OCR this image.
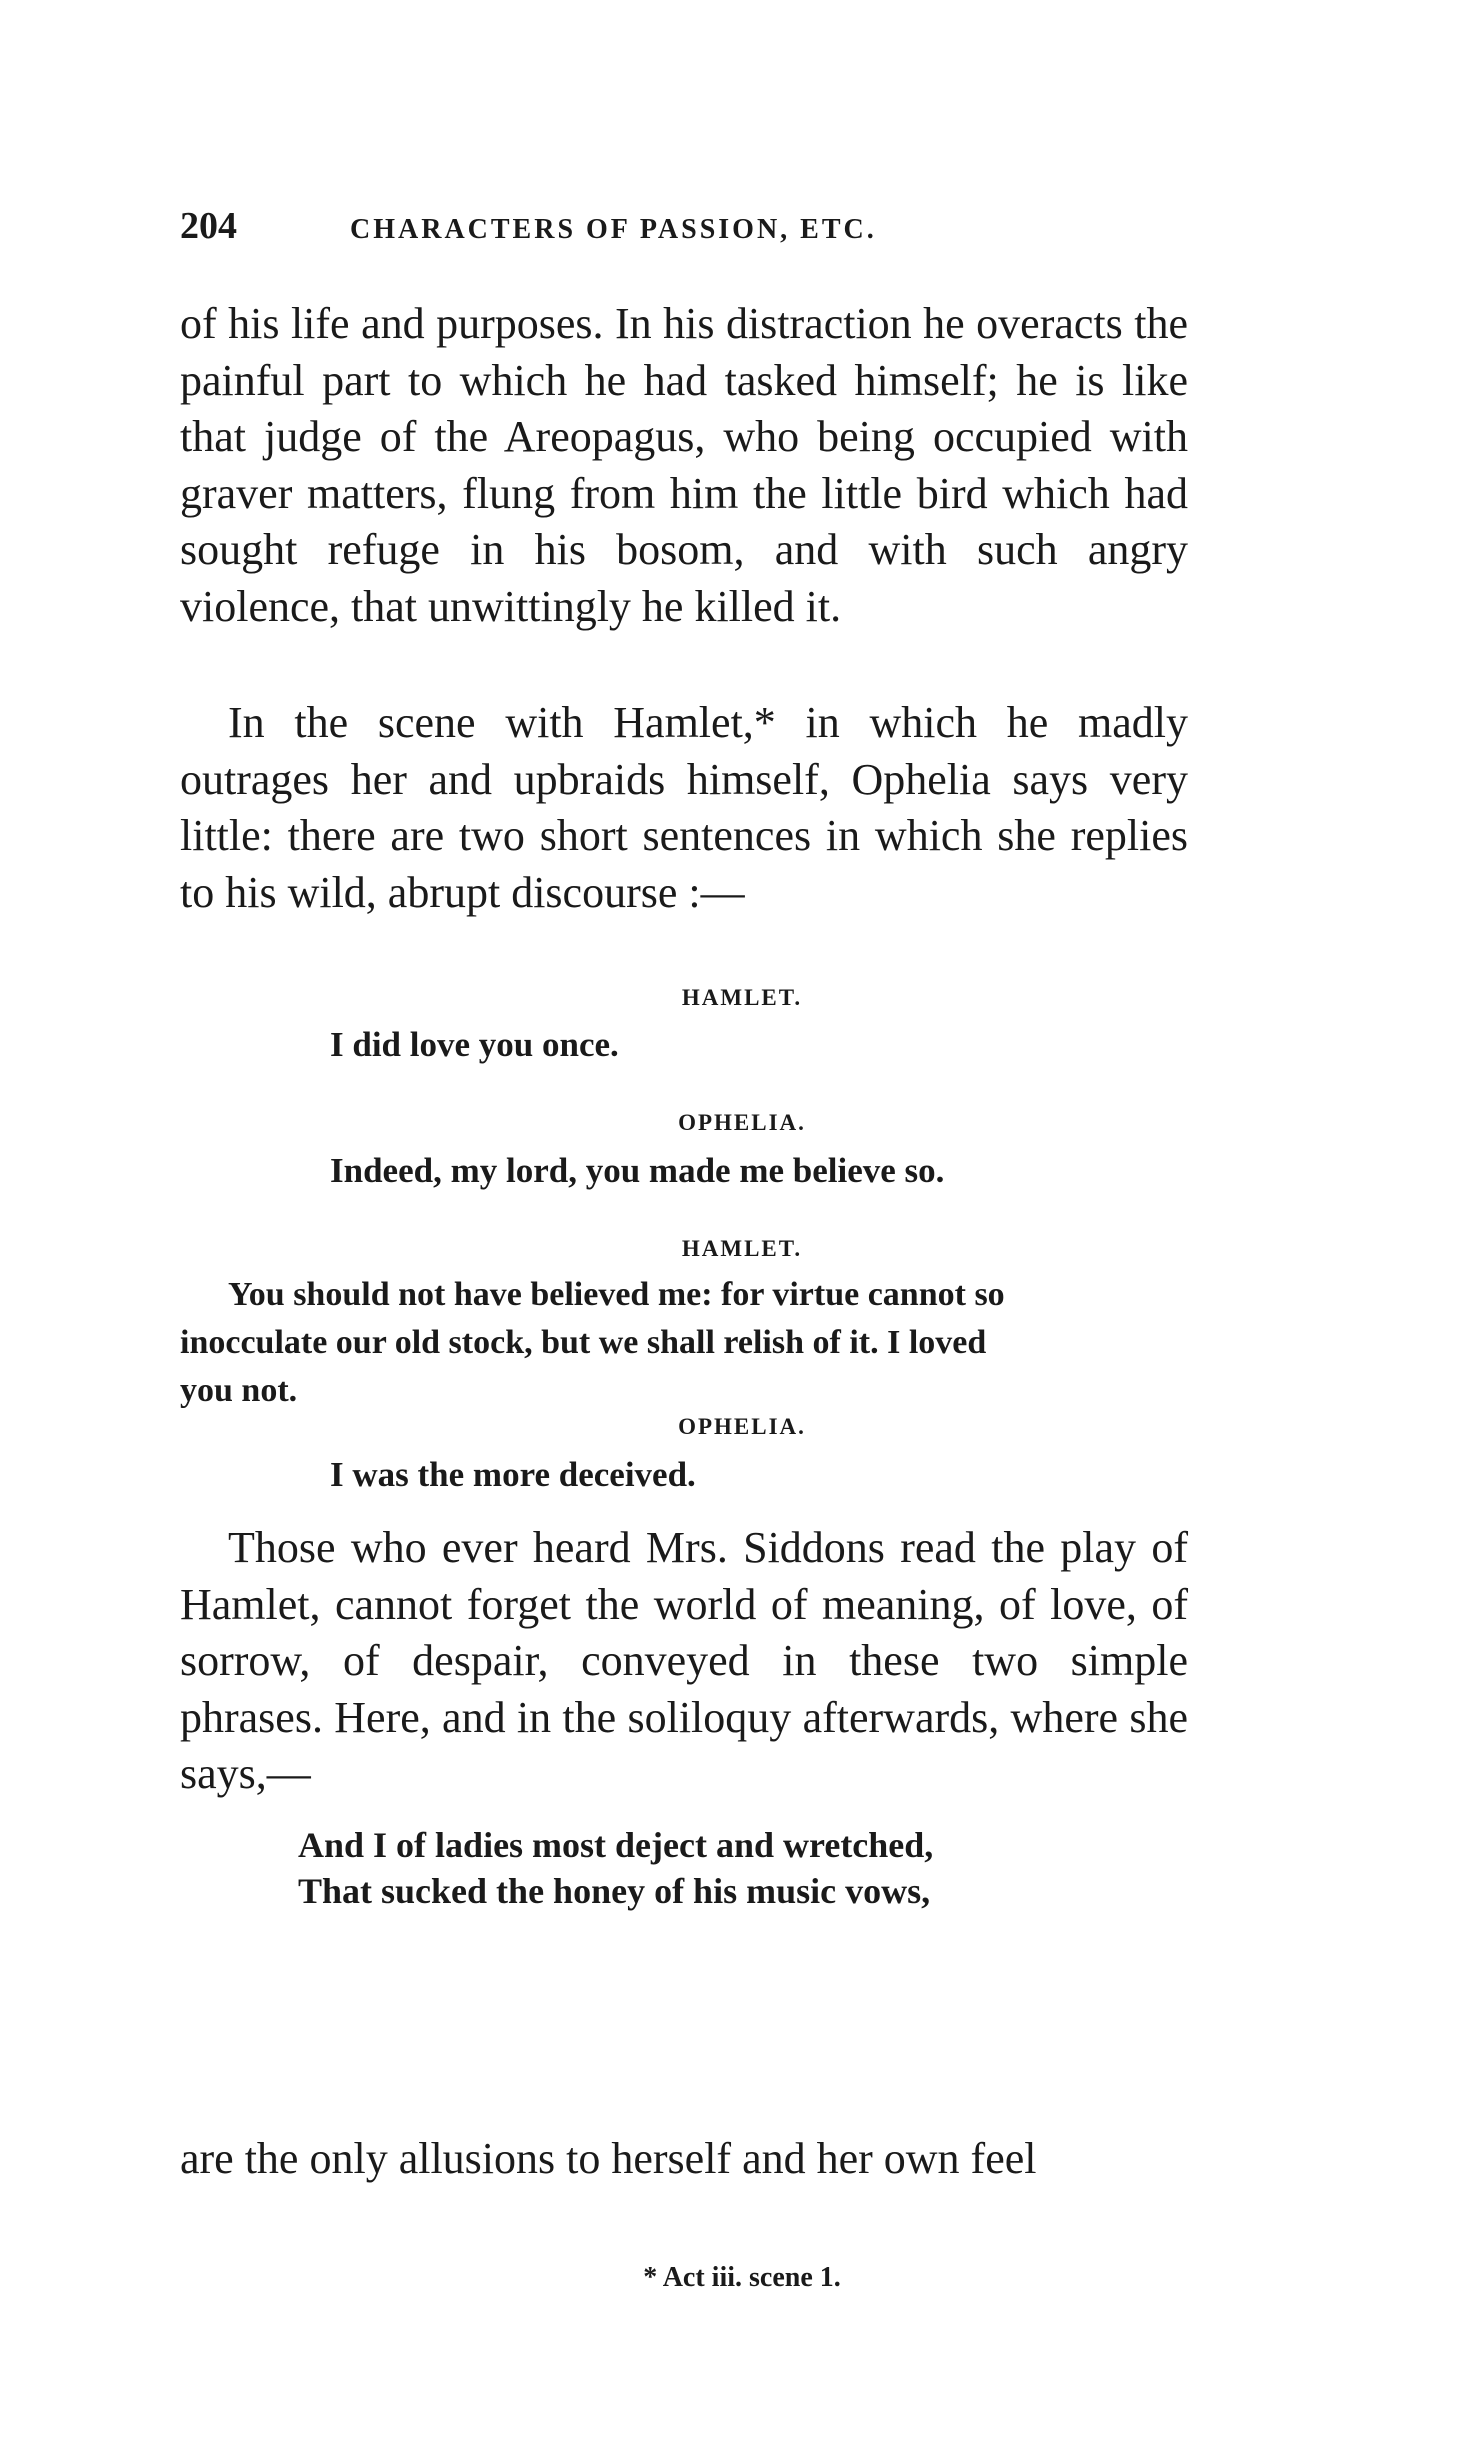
204	CHARACTERS OF PASSION, ETC.

of his life and purposes. In his distraction he overacts the painful part to which he had tasked himself; he is like that judge of the Areopagus, who being occupied with graver matters, flung from him the little bird which had sought refuge in his bosom, and with such angry violence, that unwittingly he killed it.

In the scene with Hamlet,* in which he madly outrages her and upbraids himself, Ophelia says very little: there are two short sentences in which she replies to his wild, abrupt discourse :—

HAMLET.
I did love you once.
OPHELIA.
Indeed, my lord, you made me believe so.
HAMLET.
You should not have believed me: for virtue cannot so
inocculate our old stock, but we shall relish of it. I loved
you not.
OPHELIA.
I was the more deceived.

Those who ever heard Mrs. Siddons read the play of Hamlet, cannot forget the world of meaning, of love, of sorrow, of despair, conveyed in these two simple phrases. Here, and in the soliloquy afterwards, where she says,—

And I of ladies most deject and wretched,
That sucked the honey of his music vows,
are the only allusions to herself and her own feel
* Act iii. scene 1.
